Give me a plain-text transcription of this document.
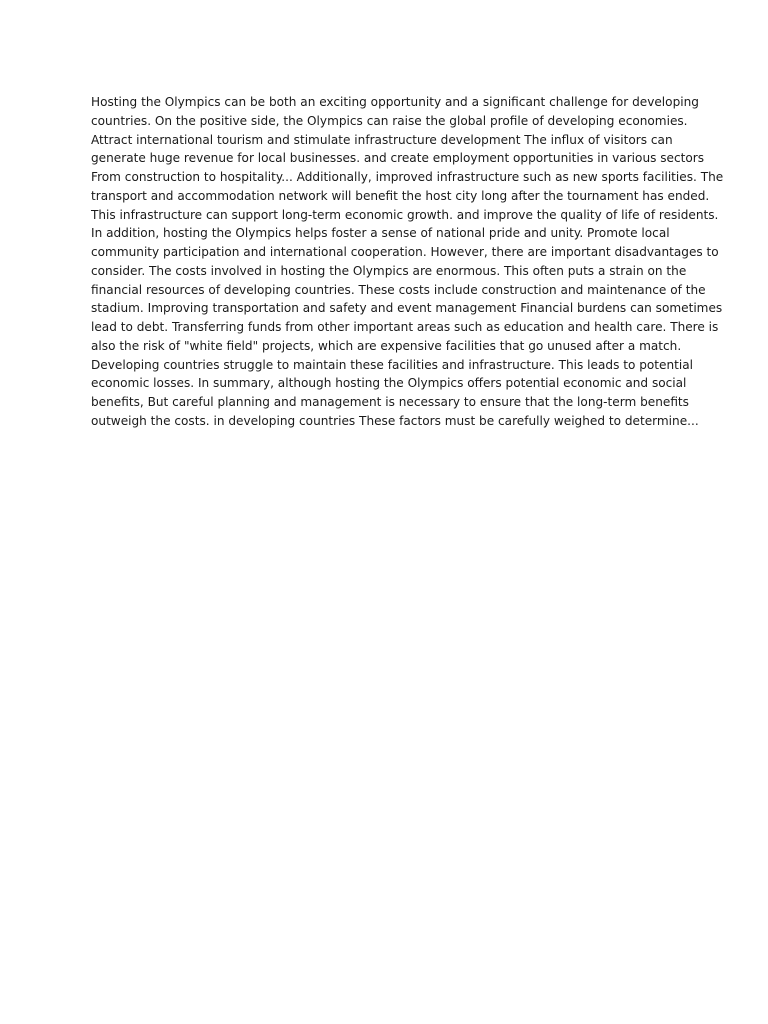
Hosting the Olympics can be both an exciting opportunity and a significant challenge for developing
countries. On the positive side, the Olympics can raise the global profile of developing economies.
Attract international tourism and stimulate infrastructure development The influx of visitors can
generate huge revenue for local businesses. and create employment opportunities in various sectors
From construction to hospitality... Additionally, improved infrastructure such as new sports facilities. The
transport and accommodation network will benefit the host city long after the tournament has ended.
This infrastructure can support long-term economic growth. and improve the quality of life of residents.
In addition, hosting the Olympics helps foster a sense of national pride and unity. Promote local
community participation and international cooperation. However, there are important disadvantages to
consider. The costs involved in hosting the Olympics are enormous. This often puts a strain on the
financial resources of developing countries. These costs include construction and maintenance of the
stadium. Improving transportation and safety and event management Financial burdens can sometimes
lead to debt. Transferring funds from other important areas such as education and health care. There is
also the risk of "white field" projects, which are expensive facilities that go unused after a match.
Developing countries struggle to maintain these facilities and infrastructure. This leads to potential
economic losses. In summary, although hosting the Olympics offers potential economic and social
benefits, But careful planning and management is necessary to ensure that the long-term benefits
outweigh the costs. in developing countries These factors must be carefully weighed to determine...
